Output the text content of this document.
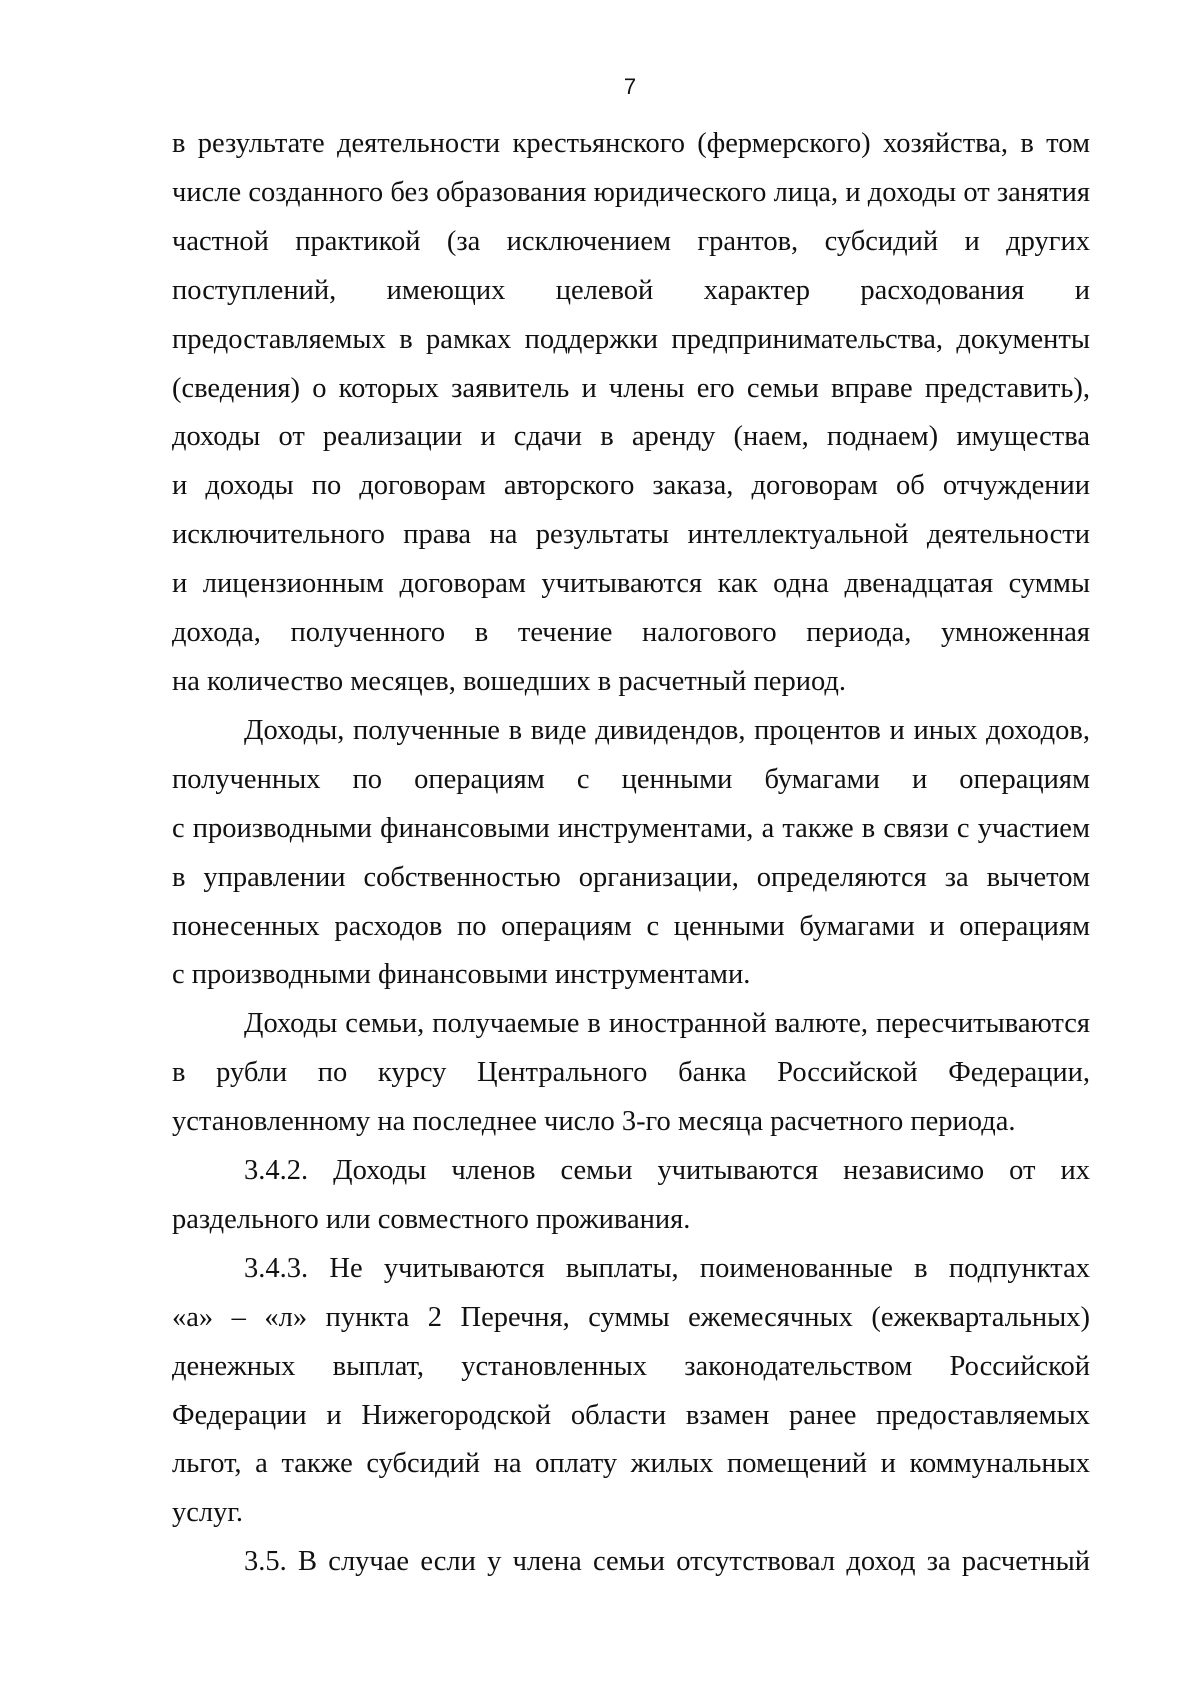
7
в результате деятельности крестьянского (фермерского) хозяйства, в том
числе созданного без образования юридического лица, и доходы от занятия
частной практикой (за исключением грантов, субсидий и других
поступлений, имеющих целевой характер расходования и
предоставляемых в рамках поддержки предпринимательства, документы
(сведения) о которых заявитель и члены его семьи вправе представить),
доходы от реализации и сдачи в аренду (наем, поднаем) имущества
и доходы по договорам авторского заказа, договорам об отчуждении
исключительного права на результаты интеллектуальной деятельности
и лицензионным договорам учитываются как одна двенадцатая суммы
дохода, полученного в течение налогового периода, умноженная
на количество месяцев, вошедших в расчетный период.
Доходы, полученные в виде дивидендов, процентов и иных доходов,
полученных по операциям с ценными бумагами и операциям
с производными финансовыми инструментами, а также в связи с участием
в управлении собственностью организации, определяются за вычетом
понесенных расходов по операциям с ценными бумагами и операциям
с производными финансовыми инструментами.
Доходы семьи, получаемые в иностранной валюте, пересчитываются
в рубли по курсу Центрального банка Российской Федерации,
установленному на последнее число 3-го месяца расчетного периода.
3.4.2. Доходы членов семьи учитываются независимо от их
раздельного или совместного проживания.
3.4.3. Не учитываются выплаты, поименованные в подпунктах
«а» – «л» пункта 2 Перечня, суммы ежемесячных (ежеквартальных)
денежных выплат, установленных законодательством Российской
Федерации и Нижегородской области взамен ранее предоставляемых
льгот, а также субсидий на оплату жилых помещений и коммунальных
услуг.
3.5. В случае если у члена семьи отсутствовал доход за расчетный
